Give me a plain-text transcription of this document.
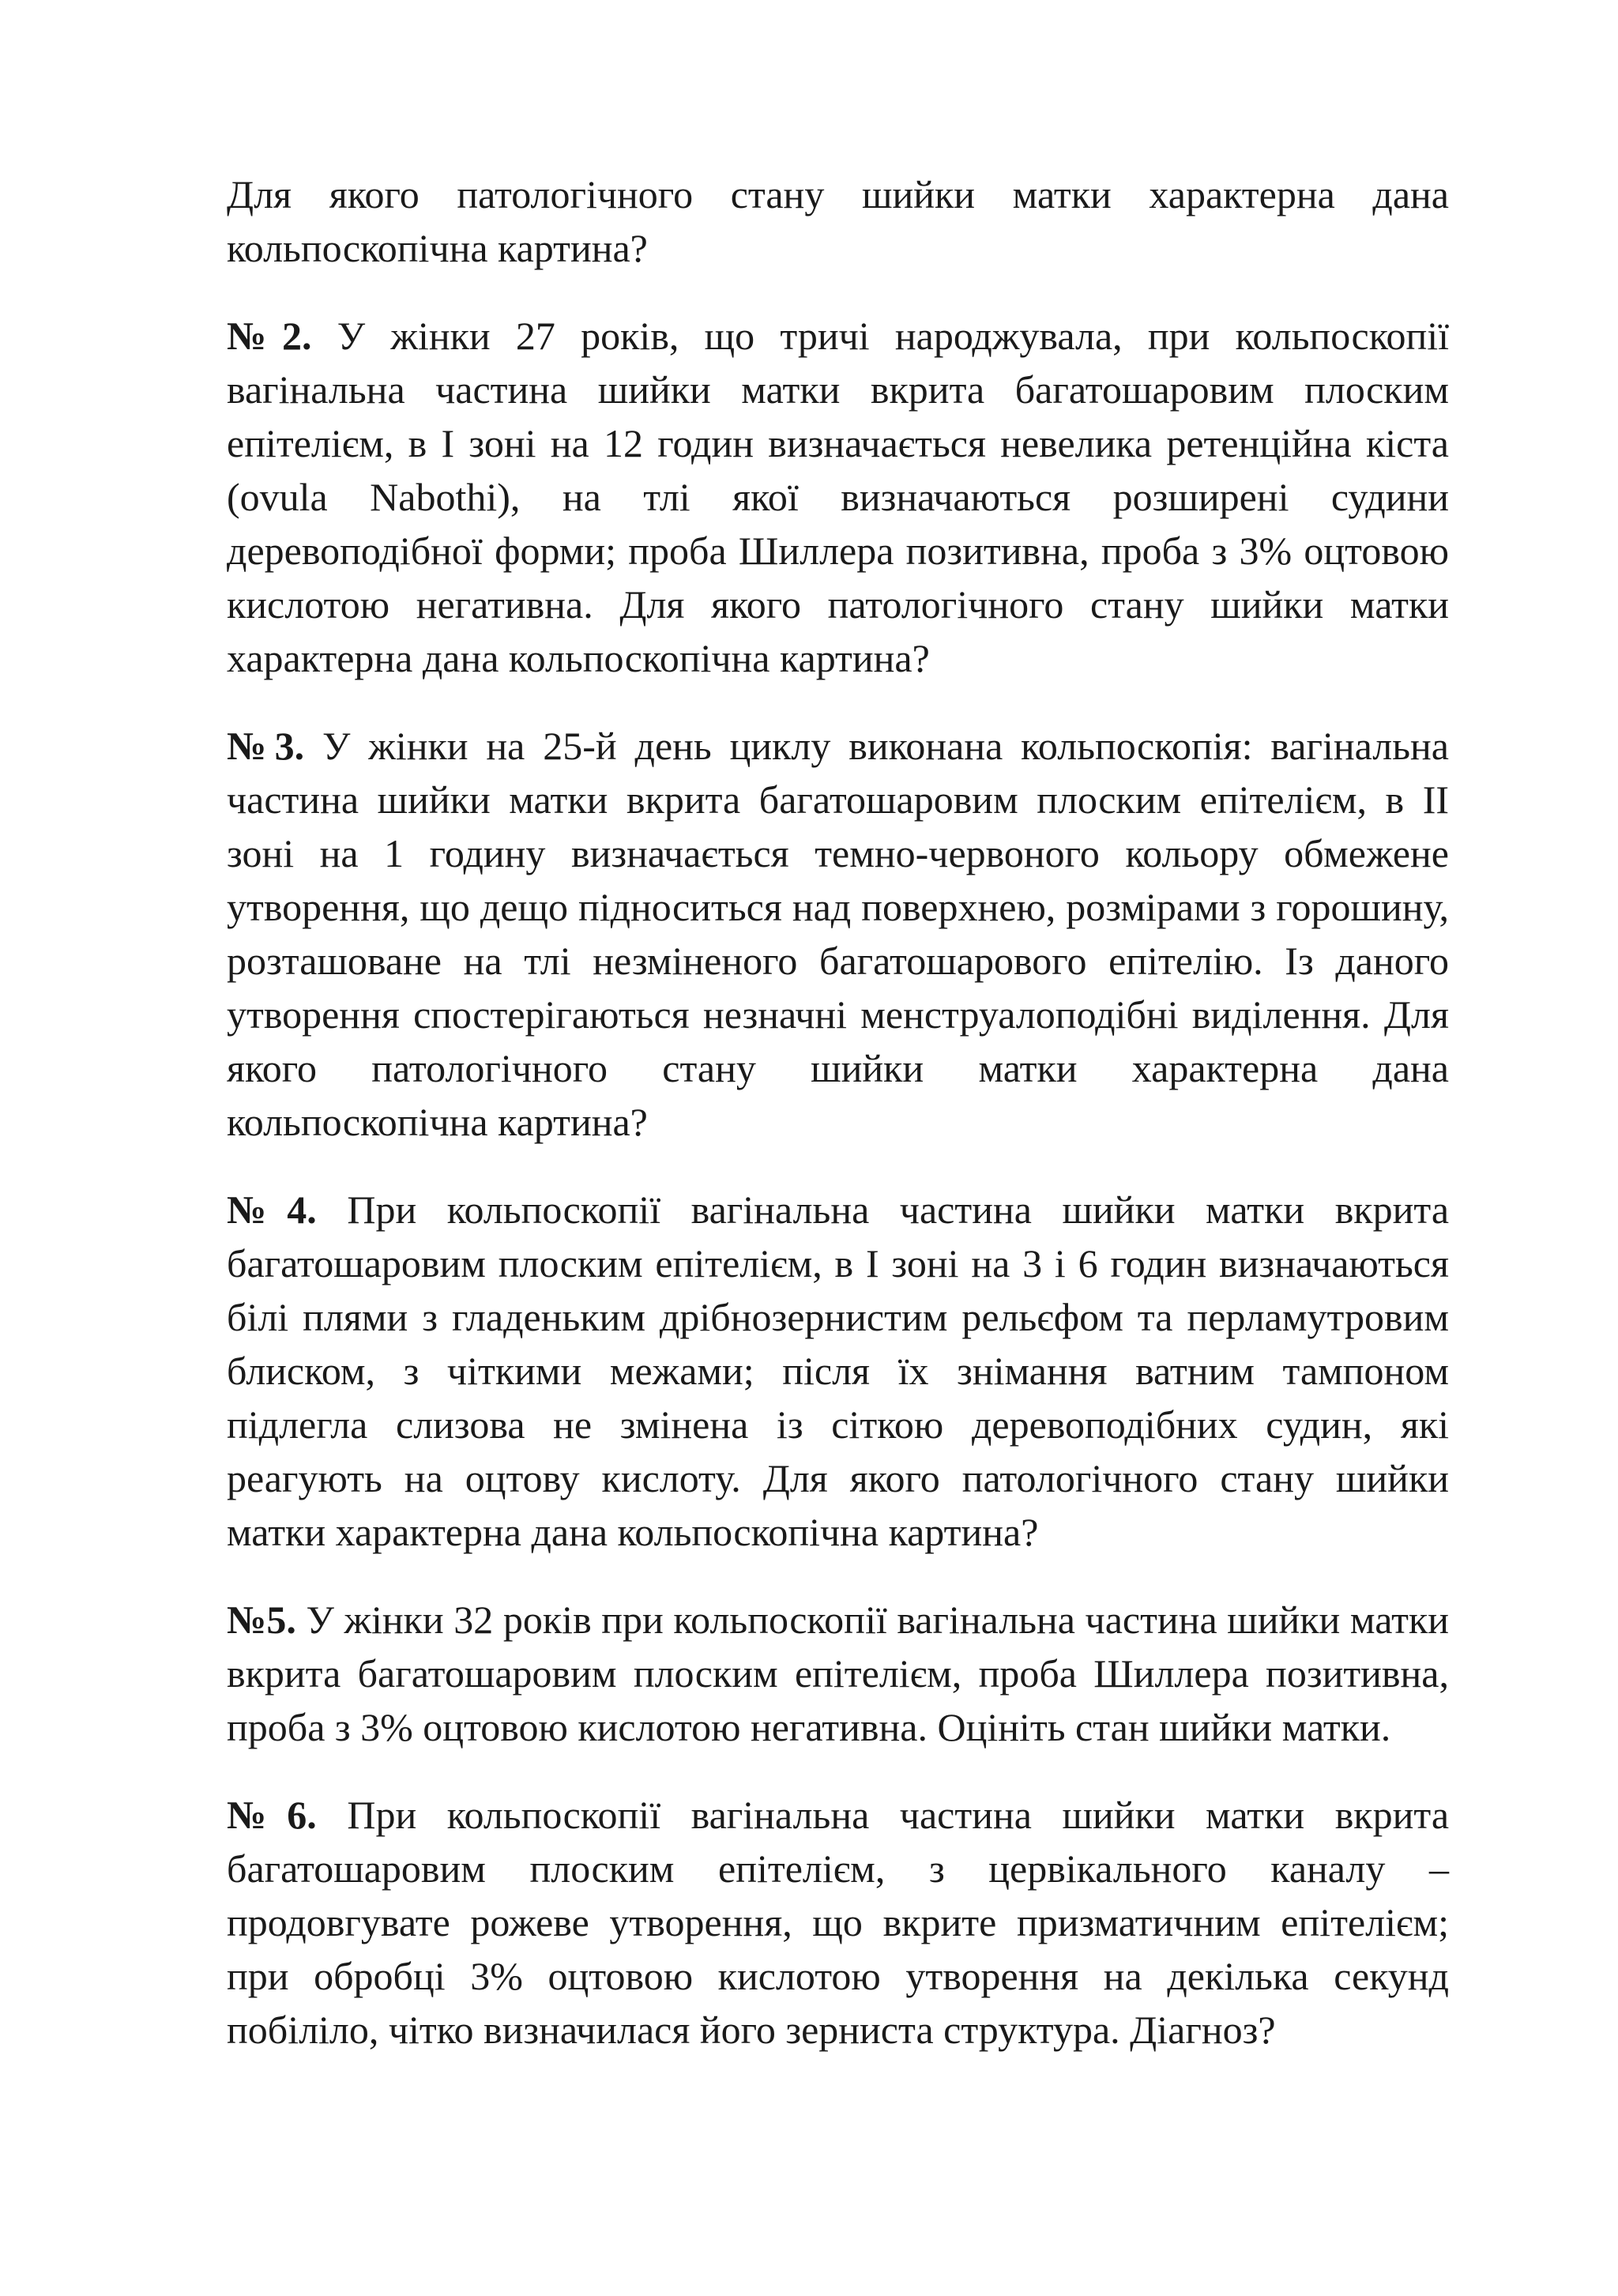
Для якого патологічного стану шийки матки характерна дана кольпоскопічна картина?

№2. У жінки 27 років, що тричі народжувала, при кольпоскопії вагінальна частина шийки матки вкрита багатошаровим плоским епітелієм, в I зоні на 12 годин визначається невелика ретенційна кіста (ovula Nabothi), на тлі якої визначаються розширені судини деревоподібної форми; проба Шиллера позитивна, проба з 3% оцтовою кислотою негативна. Для якого патологічного стану шийки матки характерна дана кольпоскопічна картина?

№3. У жінки на 25-й день циклу виконана кольпоскопія: вагінальна частина шийки матки вкрита багатошаровим плоским епітелієм, в II зоні на 1 годину визначається темно-червоного кольору обмежене утворення, що дещо підноситься над поверхнею, розмірами з горошину, розташоване на тлі незміненого багатошарового епітелію. Із даного утворення спостерігаються незначні менструалоподібні виділення. Для якого патологічного стану шийки матки характерна дана кольпоскопічна картина?

№4. При кольпоскопії вагінальна частина шийки матки вкрита багатошаровим плоским епітелієм, в I зоні на 3 і 6 годин визначаються білі плями з гладеньким дрібнозернистим рельєфом та перламутровим блиском, з чіткими межами; після їх знімання ватним тампоном підлегла слизова не змінена із сіткою деревоподібних судин, які реагують на оцтову кислоту. Для якого патологічного стану шийки матки характерна дана кольпоскопічна картина?

№5. У жінки 32 років при кольпоскопії вагінальна частина шийки матки вкрита багатошаровим плоским епітелієм, проба Шиллера позитивна, проба з 3% оцтовою кислотою негативна. Оцініть стан шийки матки.

№6. При кольпоскопії вагінальна частина шийки матки вкрита багатошаровим плоским епітелієм, з цервікального каналу – продовгувате рожеве утворення, що вкрите призматичним епітелієм; при обробці 3% оцтовою кислотою утворення на декілька секунд побіліло, чітко визначилася його зерниста структура. Діагноз?
